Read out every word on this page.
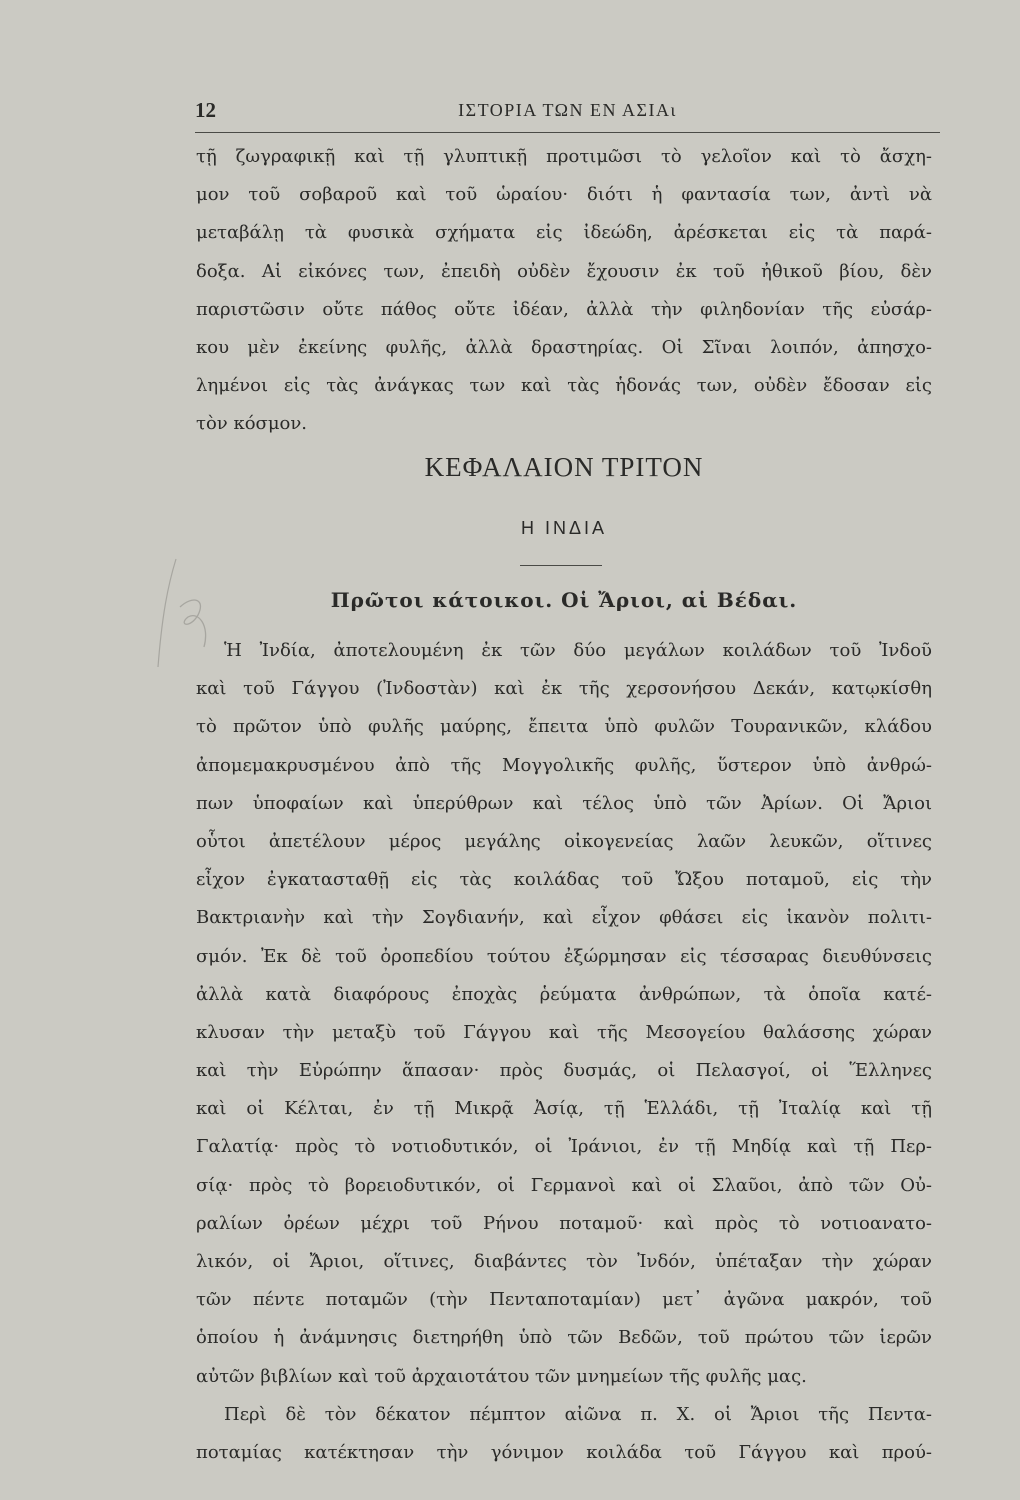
12	ΙΣΤΟΡΙΑ ΤΩΝ ΕΝ ΑΣΙΑι
τῇ ζωγραφικῇ καὶ τῇ γλυπτικῇ προτιμῶσι τὸ γελοῖον καὶ τὸ ἄσχη-
μον τοῦ σοβαροῦ καὶ τοῦ ὡραίου· διότι ἡ φαντασία των, ἀντὶ νὰ
μεταβάλῃ τὰ φυσικὰ σχήματα εἰς ἰδεώδη, ἀρέσκεται εἰς τὰ παρά-
δοξα. Αἱ εἰκόνες των, ἐπειδὴ οὐδὲν ἔχουσιν ἐκ τοῦ ἠθικοῦ βίου, δὲν
παριστῶσιν οὔτε πάθος οὔτε ἰδέαν, ἀλλὰ τὴν φιληδονίαν τῆς εὐσάρ-
κου μὲν ἐκείνης φυλῆς, ἀλλὰ δραστηρίας. Οἱ Σῖναι λοιπόν, ἀπησχο-
λημένοι εἰς τὰς ἀνάγκας των καὶ τὰς ἡδονάς των, οὐδὲν ἔδοσαν εἰς
τὸν κόσμον.
ΚΕΦΑΛΑΙΟΝ ΤΡΙΤΟΝ
Η ΙΝΔΙΑ
Πρῶτοι κάτοικοι. Οἱ Ἄριοι, αἱ Βέδαι.
Ἡ Ἰνδία, ἀποτελουμένη ἐκ τῶν δύο μεγάλων κοιλάδων τοῦ Ἰνδοῦ
καὶ τοῦ Γάγγου (Ἰνδοστὰν) καὶ ἐκ τῆς χερσονήσου Δεκάν, κατῳκίσθη
τὸ πρῶτον ὑπὸ φυλῆς μαύρης, ἔπειτα ὑπὸ φυλῶν Τουρανικῶν, κλάδου
ἀπομεμακρυσμένου ἀπὸ τῆς Μογγολικῆς φυλῆς, ὕστερον ὑπὸ ἀνθρώ-
πων ὑποφαίων καὶ ὑπερύθρων καὶ τέλος ὑπὸ τῶν Ἀρίων. Οἱ Ἄριοι
οὗτοι ἀπετέλουν μέρος μεγάλης οἰκογενείας λαῶν λευκῶν, οἵτινες
εἶχον ἐγκατασταθῇ εἰς τὰς κοιλάδας τοῦ Ὤξου ποταμοῦ, εἰς τὴν
Βακτριανὴν καὶ τὴν Σογδιανήν, καὶ εἶχον φθάσει εἰς ἱκανὸν πολιτι-
σμόν. Ἐκ δὲ τοῦ ὀροπεδίου τούτου ἐξώρμησαν εἰς τέσσαρας διευθύνσεις
ἀλλὰ κατὰ διαφόρους ἐποχὰς ῥεύματα ἀνθρώπων, τὰ ὁποῖα κατέ-
κλυσαν τὴν μεταξὺ τοῦ Γάγγου καὶ τῆς Μεσογείου θαλάσσης χώραν
καὶ τὴν Εὐρώπην ἅπασαν· πρὸς δυσμάς, οἱ Πελασγοί, οἱ Ἕλληνες
καὶ οἱ Κέλται, ἐν τῇ Μικρᾷ Ἀσίᾳ, τῇ Ἑλλάδι, τῇ Ἰταλίᾳ καὶ τῇ
Γαλατίᾳ· πρὸς τὸ νοτιοδυτικόν, οἱ Ἰράνιοι, ἐν τῇ Μηδίᾳ καὶ τῇ Περ-
σίᾳ· πρὸς τὸ βορειοδυτικόν, οἱ Γερμανοὶ καὶ οἱ Σλαῦοι, ἀπὸ τῶν Οὐ-
ραλίων ὀρέων μέχρι τοῦ Ρήνου ποταμοῦ· καὶ πρὸς τὸ νοτιοανατο-
λικόν, οἱ Ἄριοι, οἵτινες, διαβάντες τὸν Ἰνδόν, ὑπέταξαν τὴν χώραν
τῶν πέντε ποταμῶν (τὴν Πενταποταμίαν) μετ᾽ ἀγῶνα μακρόν, τοῦ
ὁποίου ἡ ἀνάμνησις διετηρήθη ὑπὸ τῶν Βεδῶν, τοῦ πρώτου τῶν ἱερῶν
αὐτῶν βιβλίων καὶ τοῦ ἀρχαιοτάτου τῶν μνημείων τῆς φυλῆς μας.
Περὶ δὲ τὸν δέκατον πέμπτον αἰῶνα π. Χ. οἱ Ἄριοι τῆς Πεντα-
ποταμίας κατέκτησαν τὴν γόνιμον κοιλάδα τοῦ Γάγγου καὶ πρού-
